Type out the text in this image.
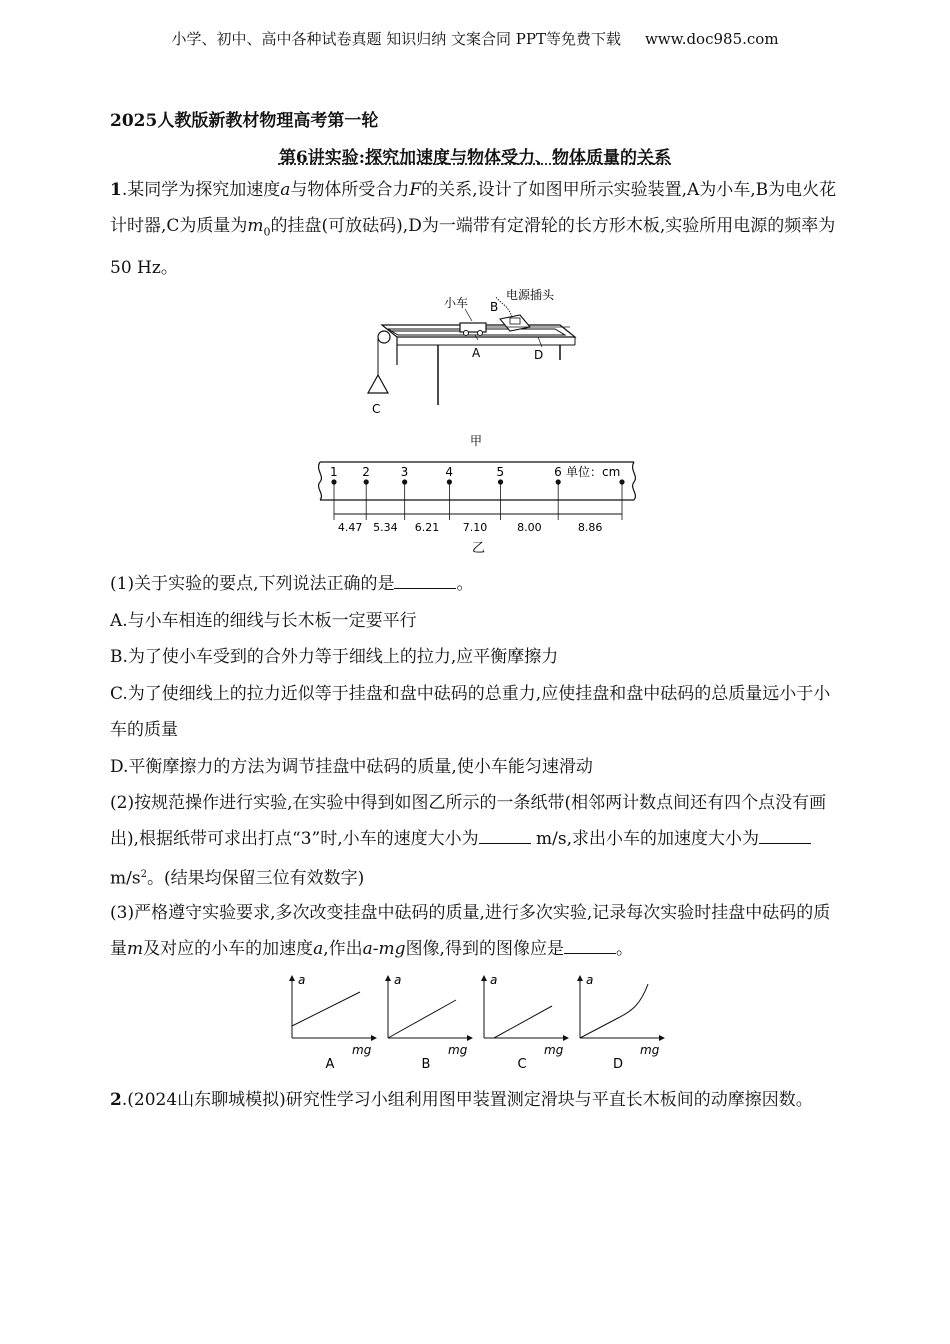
小学、初中、高中各种试卷真题 知识归纳 文案合同 PPT等免费下载 www.doc985.com
2025人教版新教材物理高考第一轮
第6讲实验:探究加速度与物体受力、物体质量的关系

1.某同学为探究加速度a与物体所受合力F的关系,设计了如图甲所示实验装置,A为小车,B为电火花计时器,C为质量为$m_0$的挂盘(可放砝码),D为一端带有定滑轮的长方形木板,实验所用电源的频率为50 Hz。

小车 B
电源插头
A	D
C
甲
1 2	3	4	5	6
4.47 5.34 6.21 7.10	8.00	8.86
单位：cm
乙

(1)关于实验的要点,下列说法正确的是	。

A.与小车相连的细线与长木板一定要平行

B.为了使小车受到的合外力等于细线上的拉力,应平衡摩擦力

C.为了使细线上的拉力近似等于挂盘和盘中砝码的总重力,应使挂盘和盘中砝码的总质量远小于小车的质量

D.平衡摩擦力的方法为调节挂盘中砝码的质量,使小车能匀速滑动

(2)按规范操作进行实验,在实验中得到如图乙所示的一条纸带(相邻两计数点间还有四个点没有画出),根据纸带可求出打点“3”时,小车的速度大小为	m/s,求出小车的加速度大小为 $m/s^2$。(结果均保留三位有效数字)

(3)严格遵守实验要求,多次改变挂盘中砝码的质量,进行多次实验,记录每次实验时挂盘中砝码的质量m及对应的小车的加速度a,作出a-mg图像,得到的图像应是	。

a
mg
A
a
mg
B
a
mg
C
a
mg
D

2.(2024山东聊城模拟)研究性学习小组利用图甲装置测定滑块与平直长木板间的动摩擦因数。
